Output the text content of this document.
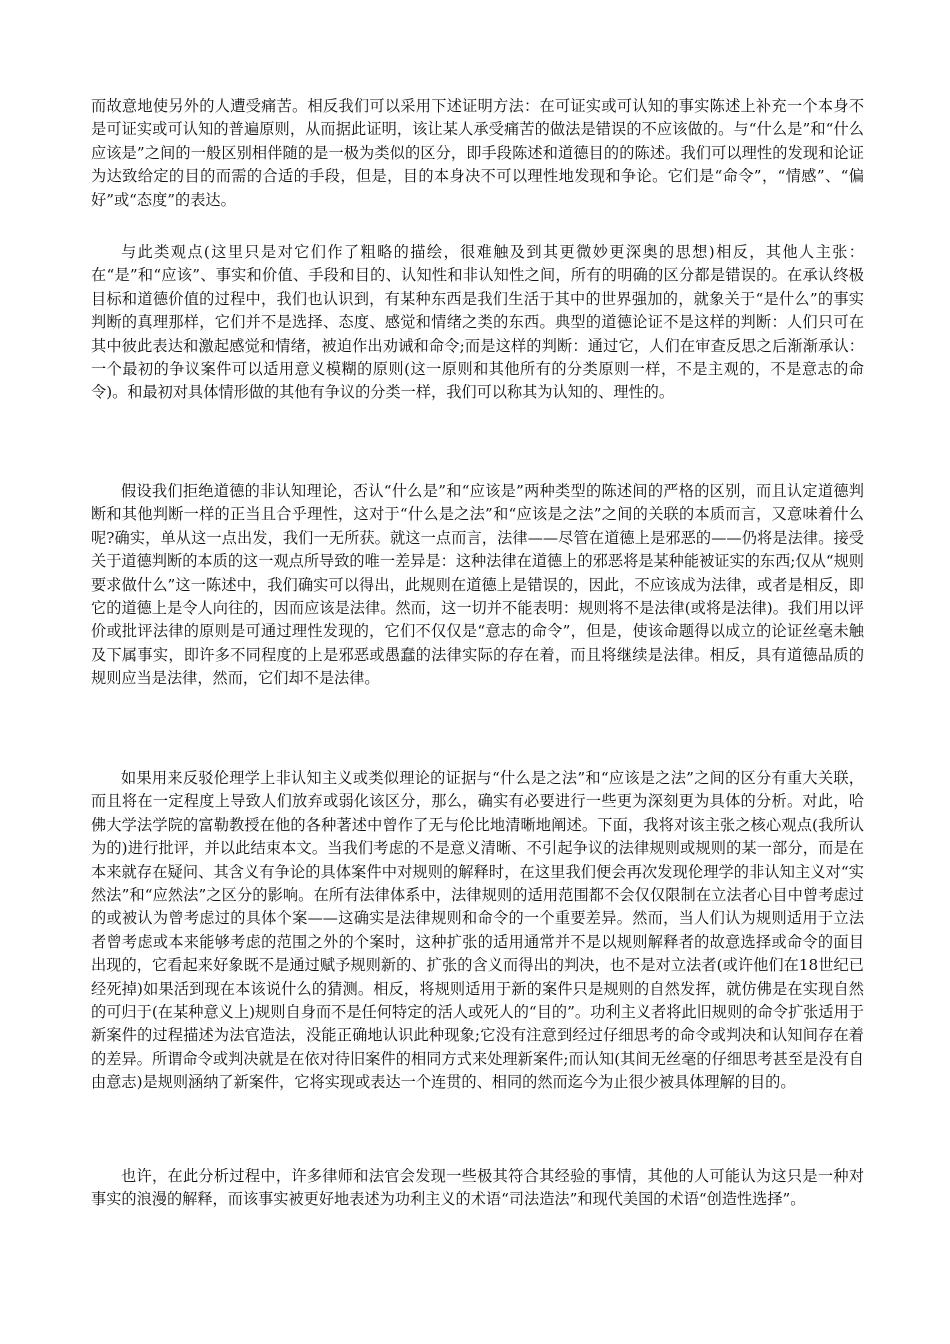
而故意地使另外的人遭受痛苦。相反我们可以采用下述证明方法：在可证实或可认知的事实陈述上补充一个本身不是可证实或可认知的普遍原则，从而据此证明，该让某人承受痛苦的做法是错误的不应该做的。与“什么是”和“什么应该是”之间的一般区别相伴随的是一极为类似的区分，即手段陈述和道德目的的陈述。我们可以理性的发现和论证为达致给定的目的而需的合适的手段，但是，目的本身决不可以理性地发现和争论。它们是“命令”，“情感”、“偏好”或“态度”的表达。

与此类观点(这里只是对它们作了粗略的描绘，很难触及到其更微妙更深奥的思想)相反，其他人主张：在“是”和“应该”、事实和价值、手段和目的、认知性和非认知性之间，所有的明确的区分都是错误的。在承认终极目标和道德价值的过程中，我们也认识到，有某种东西是我们生活于其中的世界强加的，就象关于“是什么”的事实判断的真理那样，它们并不是选择、态度、感觉和情绪之类的东西。典型的道德论证不是这样的判断：人们只可在其中彼此表达和激起感觉和情绪，被迫作出劝诫和命令;而是这样的判断：通过它，人们在审查反思之后渐渐承认：一个最初的争议案件可以适用意义模糊的原则(这一原则和其他所有的分类原则一样，不是主观的，不是意志的命令)。和最初对具体情形做的其他有争议的分类一样，我们可以称其为认知的、理性的。

假设我们拒绝道德的非认知理论，否认“什么是”和“应该是”两种类型的陈述间的严格的区别，而且认定道德判断和其他判断一样的正当且合乎理性，这对于“什么是之法”和“应该是之法”之间的关联的本质而言，又意味着什么呢?确实，单从这一点出发，我们一无所获。就这一点而言，法律——尽管在道德上是邪恶的——仍将是法律。接受关于道德判断的本质的这一观点所导致的唯一差异是：这种法律在道德上的邪恶将是某种能被证实的东西;仅从“规则要求做什么”这一陈述中，我们确实可以得出，此规则在道德上是错误的，因此，不应该成为法律，或者是相反，即它的道德上是令人向往的，因而应该是法律。然而，这一切并不能表明：规则将不是法律(或将是法律)。我们用以评价或批评法律的原则是可通过理性发现的，它们不仅仅是“意志的命令”，但是，使该命题得以成立的论证丝毫未触及下属事实，即许多不同程度的上是邪恶或愚蠢的法律实际的存在着，而且将继续是法律。相反，具有道德品质的规则应当是法律，然而，它们却不是法律。

如果用来反驳伦理学上非认知主义或类似理论的证据与“什么是之法”和“应该是之法”之间的区分有重大关联，而且将在一定程度上导致人们放弃或弱化该区分，那么，确实有必要进行一些更为深刻更为具体的分析。对此，哈佛大学法学院的富勒教授在他的各种著述中曾作了无与伦比地清晰地阐述。下面，我将对该主张之核心观点(我所认为的)进行批评，并以此结束本文。当我们考虑的不是意义清晰、不引起争议的法律规则或规则的某一部分，而是在本来就存在疑问、其含义有争论的具体案件中对规则的解释时，在这里我们便会再次发现伦理学的非认知主义对“实然法”和“应然法”之区分的影响。在所有法律体系中，法律规则的适用范围都不会仅仅限制在立法者心目中曾考虑过的或被认为曾考虑过的具体个案——这确实是法律规则和命令的一个重要差异。然而，当人们认为规则适用于立法者曾考虑或本来能够考虑的范围之外的个案时，这种扩张的适用通常并不是以规则解释者的故意选择或命令的面目出现的，它看起来好象既不是通过赋予规则新的、扩张的含义而得出的判决，也不是对立法者(或许他们在18世纪已经死掉)如果活到现在本该说什么的猜测。相反，将规则适用于新的案件只是规则的自然发挥，就仿佛是在实现自然的可归于(在某种意义上)规则自身而不是任何特定的活人或死人的“目的”。功利主义者将此旧规则的命令扩张适用于新案件的过程描述为法官造法，没能正确地认识此种现象;它没有注意到经过仔细思考的命令或判决和认知间存在着的差异。所谓命令或判决就是在依对待旧案件的相同方式来处理新案件;而认知(其间无丝毫的仔细思考甚至是没有自由意志)是规则涵纳了新案件，它将实现或表达一个连贯的、相同的然而迄今为止很少被具体理解的目的。

也许，在此分析过程中，许多律师和法官会发现一些极其符合其经验的事情，其他的人可能认为这只是一种对事实的浪漫的解释，而该事实被更好地表述为功利主义的术语“司法造法”和现代美国的术语“创造性选择”。
